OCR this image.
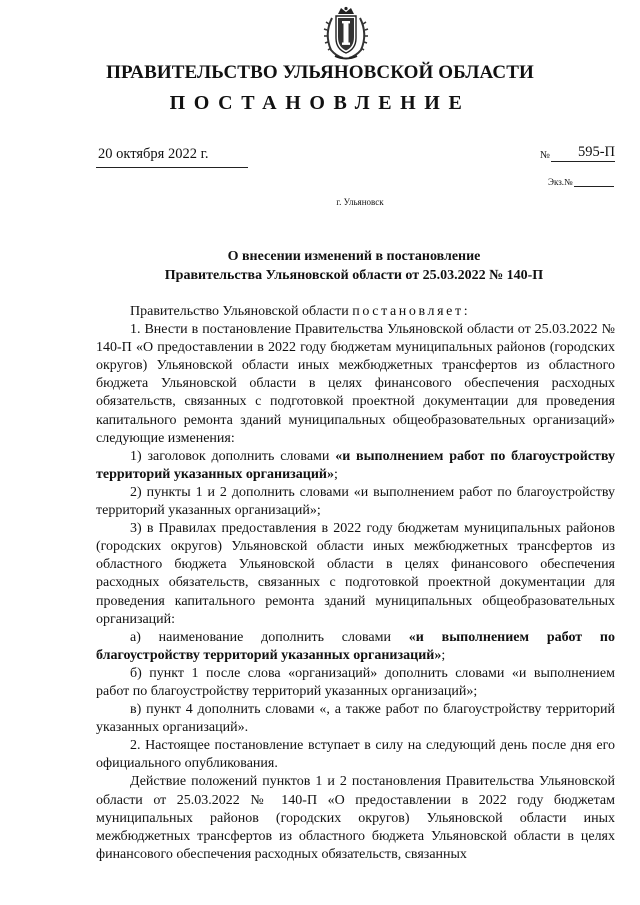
ПРАВИТЕЛЬСТВО УЛЬЯНОВСКОЙ ОБЛАСТИ
ПОСТАНОВЛЕНИЕ
20 октября 2022 г.	№	595-П
Экз.№
г. Ульяновск
О внесении изменений в постановление
Правительства Ульяновской области от 25.03.2022 № 140-П

Правительство Ульяновской области постановляет:

1. Внести в постановление Правительства Ульяновской области от 25.03.2022 № 140-П «О предоставлении в 2022 году бюджетам муниципальных районов (городских округов) Ульяновской области иных межбюджетных трансфертов из областного бюджета Ульяновской области в целях финансового обеспечения расходных обязательств, связанных с подготовкой проектной документации для проведения капитального ремонта зданий муниципальных общеобразовательных организаций» следующие изменения:

1) заголовок дополнить словами «и выполнением работ по благоустройству территорий указанных организаций»;

2) пункты 1 и 2 дополнить словами «и выполнением работ по благоустройству территорий указанных организаций»;

3) в Правилах предоставления в 2022 году бюджетам муниципальных районов (городских округов) Ульяновской области иных межбюджетных трансфертов из областного бюджета Ульяновской области в целях финансового обеспечения расходных обязательств, связанных с подготовкой проектной документации для проведения капитального ремонта зданий муниципальных общеобразовательных организаций:

а) наименование дополнить словами «и выполнением работ по благоустройству территорий указанных организаций»;

б) пункт 1 после слова «организаций» дополнить словами «и выполнением работ по благоустройству территорий указанных организаций»;

в) пункт 4 дополнить словами «, а также работ по благоустройству территорий указанных организаций».

2. Настоящее постановление вступает в силу на следующий день после дня его официального опубликования.

Действие положений пунктов 1 и 2 постановления Правительства Ульяновской области от 25.03.2022 № 140-П «О предоставлении в 2022 году бюджетам муниципальных районов (городских округов) Ульяновской области иных межбюджетных трансфертов из областного бюджета Ульяновской области в целях финансового обеспечения расходных обязательств, связанных
